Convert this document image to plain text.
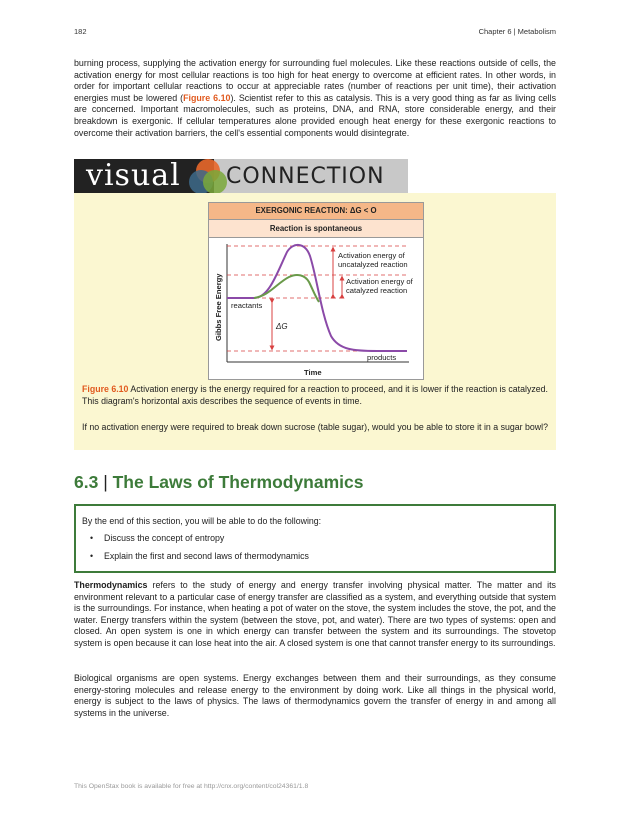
182	Chapter 6 | Metabolism

burning process, supplying the activation energy for surrounding fuel molecules. Like these reactions outside of cells, the activation energy for most cellular reactions is too high for heat energy to overcome at efficient rates. In other words, in order for important cellular reactions to occur at appreciable rates (number of reactions per unit time), their activation energies must be lowered (Figure 6.10). Scientist refer to this as catalysis. This is a very good thing as far as living cells are concerned. Important macromolecules, such as proteins, DNA, and RNA, store considerable energy, and their breakdown is exergonic. If cellular temperatures alone provided enough heat energy for these exergonic reactions to overcome their activation barriers, the cell's essential components would disintegrate.

visual CONNECTION
EXERGONIC REACTION: ΔG < O
Reaction is spontaneous
Activation energy of
uncatalyzed reaction
Activation energy of
catalyzed reaction
reactants
ΔG
products
Time
Gibbs Free Energy

Figure 6.10 Activation energy is the energy required for a reaction to proceed, and it is lower if the reaction is catalyzed. This diagram's horizontal axis describes the sequence of events in time.

If no activation energy were required to break down sucrose (table sugar), would you be able to store it in a sugar bowl?

6.3 | The Laws of Thermodynamics

By the end of this section, you will be able to do the following:

• Discuss the concept of entropy
• Explain the first and second laws of thermodynamics

Thermodynamics refers to the study of energy and energy transfer involving physical matter. The matter and its environment relevant to a particular case of energy transfer are classified as a system, and everything outside that system is the surroundings. For instance, when heating a pot of water on the stove, the system includes the stove, the pot, and the water. Energy transfers within the system (between the stove, pot, and water). There are two types of systems: open and closed. An open system is one in which energy can transfer between the system and its surroundings. The stovetop system is open because it can lose heat into the air. A closed system is one that cannot transfer energy to its surroundings.

Biological organisms are open systems. Energy exchanges between them and their surroundings, as they consume energy-storing molecules and release energy to the environment by doing work. Like all things in the physical world, energy is subject to the laws of physics. The laws of thermodynamics govern the transfer of energy in and among all systems in the universe.

This OpenStax book is available for free at http://cnx.org/content/col24361/1.8
